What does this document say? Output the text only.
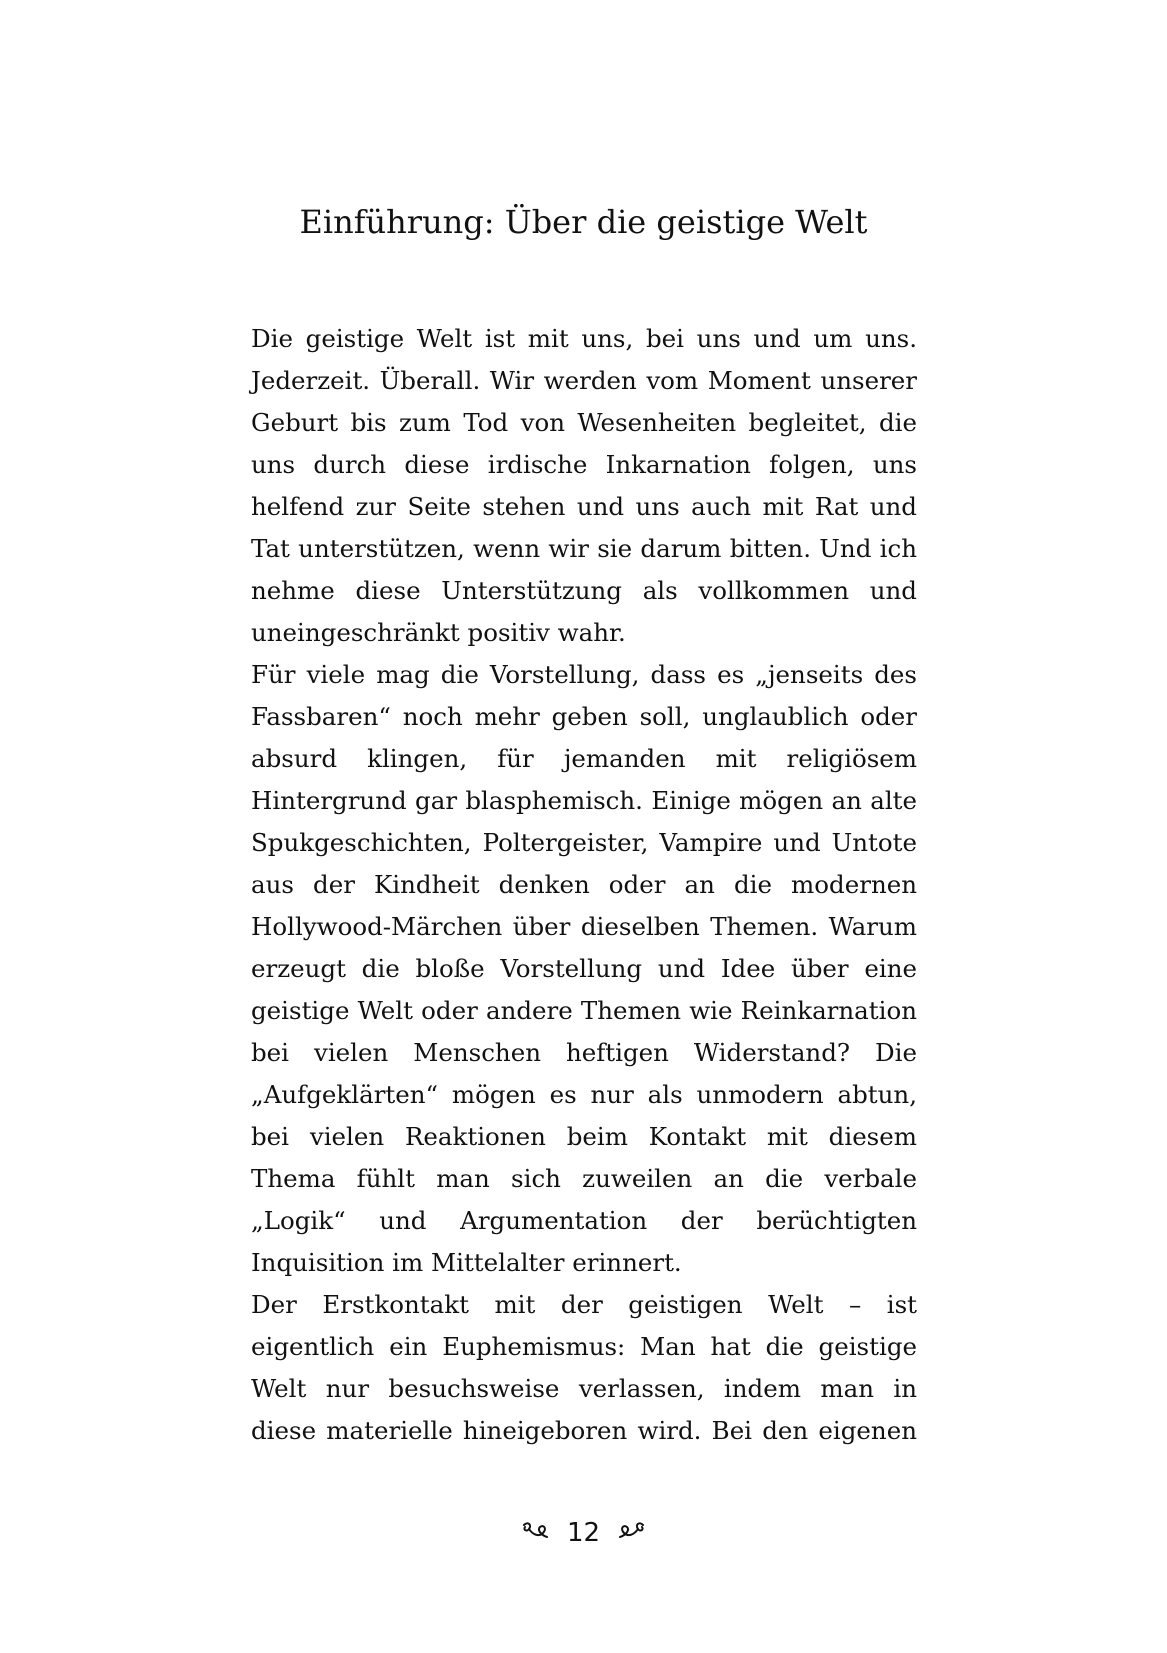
Einführung: Über die geistige Welt

Die geistige Welt ist mit uns, bei uns und um uns. Jederzeit. Überall. Wir werden vom Moment unserer Geburt bis zum Tod von Wesenheiten begleitet, die uns durch diese irdische Inkarnation folgen, uns helfend zur Seite stehen und uns auch mit Rat und Tat unterstützen, wenn wir sie darum bitten. Und ich nehme diese Unterstützung als vollkommen und uneingeschränkt positiv wahr.

Für viele mag die Vorstellung, dass es „jenseits des Fassbaren“ noch mehr geben soll, unglaublich oder absurd klingen, für jemanden mit religiösem Hintergrund gar blasphemisch. Einige mögen an alte Spukgeschichten, Poltergeister, Vampire und Untote aus der Kindheit denken oder an die modernen Hollywood-Märchen über dieselben Themen. Warum erzeugt die bloße Vorstellung und Idee über eine geistige Welt oder andere Themen wie Reinkarnation bei vielen Menschen heftigen Widerstand? Die „Aufgeklärten“ mögen es nur als unmodern abtun, bei vielen Reaktionen beim Kontakt mit diesem Thema fühlt man sich zuweilen an die verbale „Logik“ und Argumentation der berüchtigten Inquisition im Mittelalter erinnert.

Der Erstkontakt mit der geistigen Welt – ist eigentlich ein Euphemismus: Man hat die geistige Welt nur besuchsweise verlassen, indem man in diese materielle hineigeboren wird. Bei den eigenen

12
